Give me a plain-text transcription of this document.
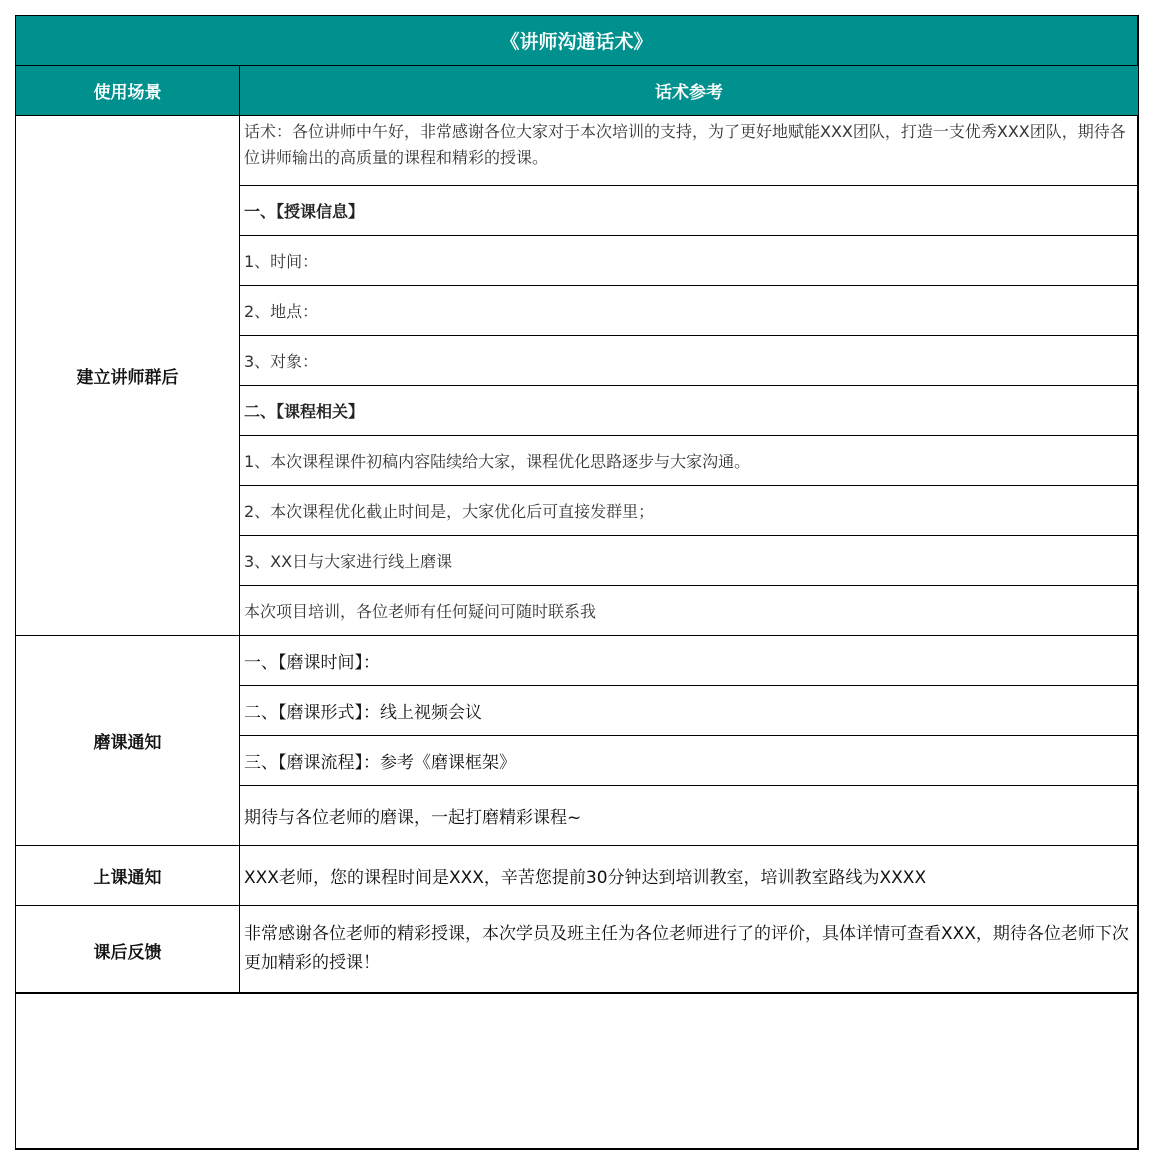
《讲师沟通话术》
使用场景	话术参考
建立讲师群后
话术：各位讲师中午好，非常感谢各位大家对于本次培训的支持，为了更好地赋能XXX团队，打造一支优秀XXX团队，期待各位讲师输出的高质量的课程和精彩的授课。
一、【授课信息】
1、时间：
2、地点：
3、对象：
二、【课程相关】
1、本次课程课件初稿内容陆续给大家，课程优化思路逐步与大家沟通。
2、本次课程优化截止时间是，大家优化后可直接发群里；
3、XX日与大家进行线上磨课
本次项目培训，各位老师有任何疑问可随时联系我
磨课通知
一、【磨课时间】：
二、【磨课形式】：线上视频会议
三、【磨课流程】：参考《磨课框架》
期待与各位老师的磨课，一起打磨精彩课程~
上课通知	XXX老师，您的课程时间是XXX，辛苦您提前30分钟达到培训教室，培训教室路线为XXXX
课后反馈
非常感谢各位老师的精彩授课，本次学员及班主任为各位老师进行了的评价，具体详情可查看XXX，期待各位老师下次更加精彩的授课！
